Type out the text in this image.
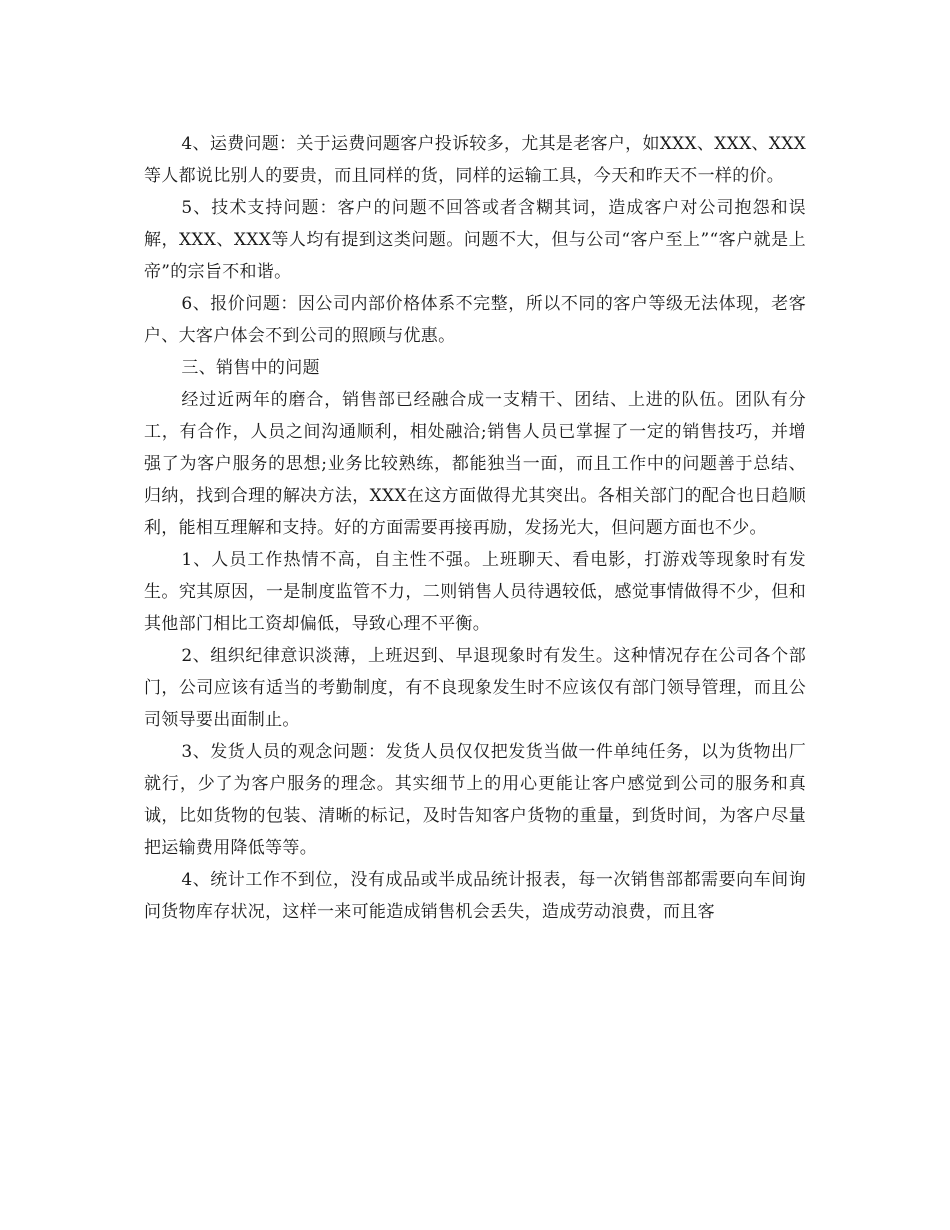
4、运费问题：关于运费问题客户投诉较多，尤其是老客户，如XXX、XXX、XXX等人都说比别人的要贵，而且同样的货，同样的运输工具，今天和昨天不一样的价。

5、技术支持问题：客户的问题不回答或者含糊其词，造成客户对公司抱怨和误解，XXX、XXX等人均有提到这类问题。问题不大，但与公司“客户至上”“客户就是上帝”的宗旨不和谐。

6、报价问题：因公司内部价格体系不完整，所以不同的客户等级无法体现，老客户、大客户体会不到公司的照顾与优惠。

三、销售中的问题

经过近两年的磨合，销售部已经融合成一支精干、团结、上进的队伍。团队有分工，有合作，人员之间沟通顺利，相处融洽;销售人员已掌握了一定的销售技巧，并增强了为客户服务的思想;业务比较熟练，都能独当一面，而且工作中的问题善于总结、归纳，找到合理的解决方法，XXX在这方面做得尤其突出。各相关部门的配合也日趋顺利，能相互理解和支持。好的方面需要再接再励，发扬光大，但问题方面也不少。

1、人员工作热情不高，自主性不强。上班聊天、看电影，打游戏等现象时有发生。究其原因，一是制度监管不力，二则销售人员待遇较低，感觉事情做得不少，但和其他部门相比工资却偏低，导致心理不平衡。

2、组织纪律意识淡薄，上班迟到、早退现象时有发生。这种情况存在公司各个部门，公司应该有适当的考勤制度，有不良现象发生时不应该仅有部门领导管理，而且公司领导要出面制止。

3、发货人员的观念问题：发货人员仅仅把发货当做一件单纯任务，以为货物出厂就行，少了为客户服务的理念。其实细节上的用心更能让客户感觉到公司的服务和真诚，比如货物的包装、清晰的标记，及时告知客户货物的重量，到货时间，为客户尽量把运输费用降低等等。

4、统计工作不到位，没有成品或半成品统计报表，每一次销售部都需要向车间询问货物库存状况，这样一来可能造成销售机会丢失，造成劳动浪费，而且客
